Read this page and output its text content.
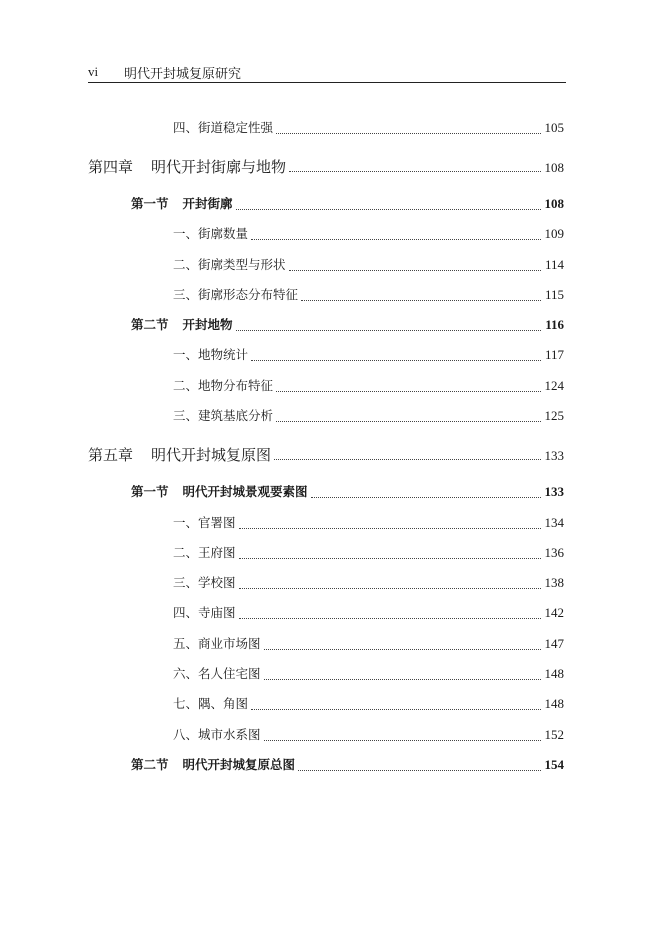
vi 明代开封城复原研究
四、街道稳定性强	105
第四章 明代开封街廓与地物	108
第一节 开封街廓	108
一、街廓数量	109
二、街廓类型与形状	114
三、街廓形态分布特征	115
第二节 开封地物	116
一、地物统计	117
二、地物分布特征	124
三、建筑基底分析	125
第五章 明代开封城复原图	133
第一节 明代开封城景观要素图	133
一、官署图	134
二、王府图	136
三、学校图	138
四、寺庙图	142
五、商业市场图	147
六、名人住宅图	148
七、隅、角图	148
八、城市水系图	152
第二节 明代开封城复原总图	154
